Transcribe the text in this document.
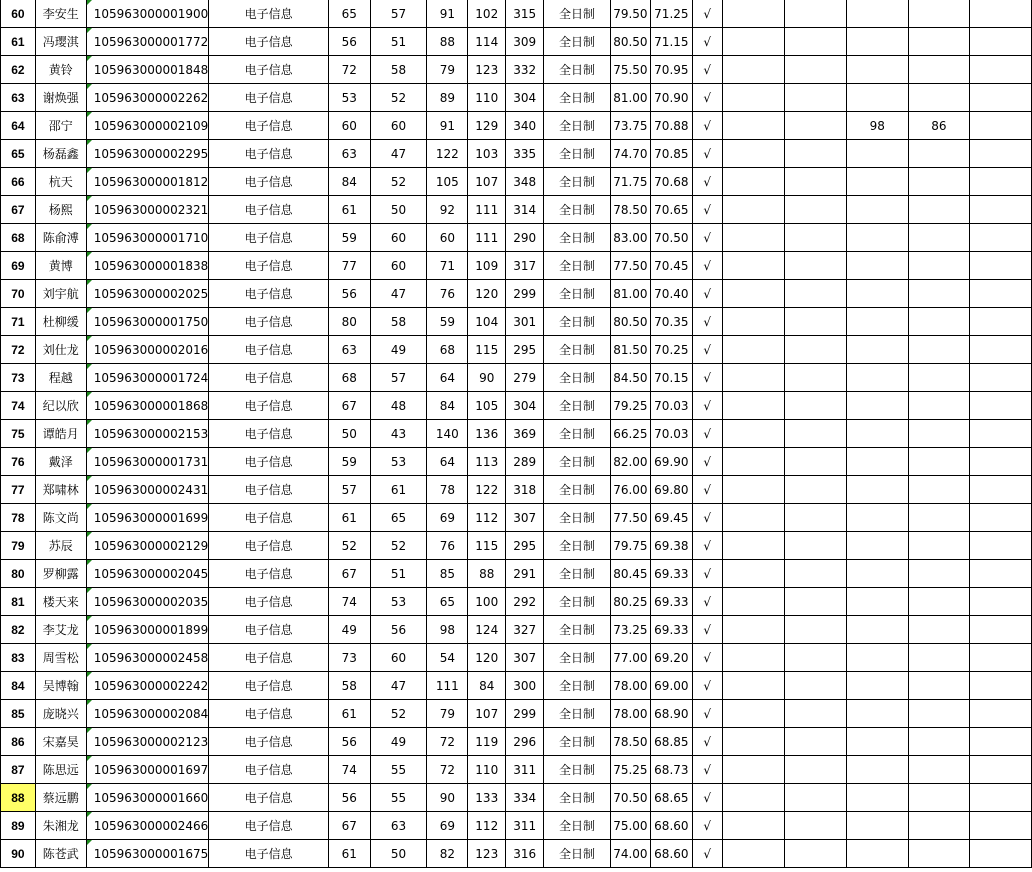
60	李安生	105963000001900	电子信息	65	57	91	102	315	全日制	79.50	71.25	√					
61	冯璎淇	105963000001772	电子信息	56	51	88	114	309	全日制	80.50	71.15	√					
62	黄铃	105963000001848	电子信息	72	58	79	123	332	全日制	75.50	70.95	√					
63	谢焕强	105963000002262	电子信息	53	52	89	110	304	全日制	81.00	70.90	√					
64	邵宁	105963000002109	电子信息	60	60	91	129	340	全日制	73.75	70.88	√			98	86	
65	杨磊鑫	105963000002295	电子信息	63	47	122	103	335	全日制	74.70	70.85	√					
66	杭天	105963000001812	电子信息	84	52	105	107	348	全日制	71.75	70.68	√					
67	杨熙	105963000002321	电子信息	61	50	92	111	314	全日制	78.50	70.65	√					
68	陈俞溥	105963000001710	电子信息	59	60	60	111	290	全日制	83.00	70.50	√					
69	黄博	105963000001838	电子信息	77	60	71	109	317	全日制	77.50	70.45	√					
70	刘宇航	105963000002025	电子信息	56	47	76	120	299	全日制	81.00	70.40	√					
71	杜柳缓	105963000001750	电子信息	80	58	59	104	301	全日制	80.50	70.35	√					
72	刘仕龙	105963000002016	电子信息	63	49	68	115	295	全日制	81.50	70.25	√					
73	程越	105963000001724	电子信息	68	57	64	90	279	全日制	84.50	70.15	√					
74	纪以欣	105963000001868	电子信息	67	48	84	105	304	全日制	79.25	70.03	√					
75	谭皓月	105963000002153	电子信息	50	43	140	136	369	全日制	66.25	70.03	√					
76	戴泽	105963000001731	电子信息	59	53	64	113	289	全日制	82.00	69.90	√					
77	郑啸林	105963000002431	电子信息	57	61	78	122	318	全日制	76.00	69.80	√					
78	陈文尚	105963000001699	电子信息	61	65	69	112	307	全日制	77.50	69.45	√					
79	苏辰	105963000002129	电子信息	52	52	76	115	295	全日制	79.75	69.38	√					
80	罗柳露	105963000002045	电子信息	67	51	85	88	291	全日制	80.45	69.33	√					
81	楼天来	105963000002035	电子信息	74	53	65	100	292	全日制	80.25	69.33	√					
82	李艾龙	105963000001899	电子信息	49	56	98	124	327	全日制	73.25	69.33	√					
83	周雪松	105963000002458	电子信息	73	60	54	120	307	全日制	77.00	69.20	√					
84	吴博翰	105963000002242	电子信息	58	47	111	84	300	全日制	78.00	69.00	√					
85	庞晓兴	105963000002084	电子信息	61	52	79	107	299	全日制	78.00	68.90	√					
86	宋嘉昊	105963000002123	电子信息	56	49	72	119	296	全日制	78.50	68.85	√					
87	陈思远	105963000001697	电子信息	74	55	72	110	311	全日制	75.25	68.73	√					
88	蔡远鹏	105963000001660	电子信息	56	55	90	133	334	全日制	70.50	68.65	√					
89	朱湘龙	105963000002466	电子信息	67	63	69	112	311	全日制	75.00	68.60	√					
90	陈苍武	105963000001675	电子信息	61	50	82	123	316	全日制	74.00	68.60	√					
